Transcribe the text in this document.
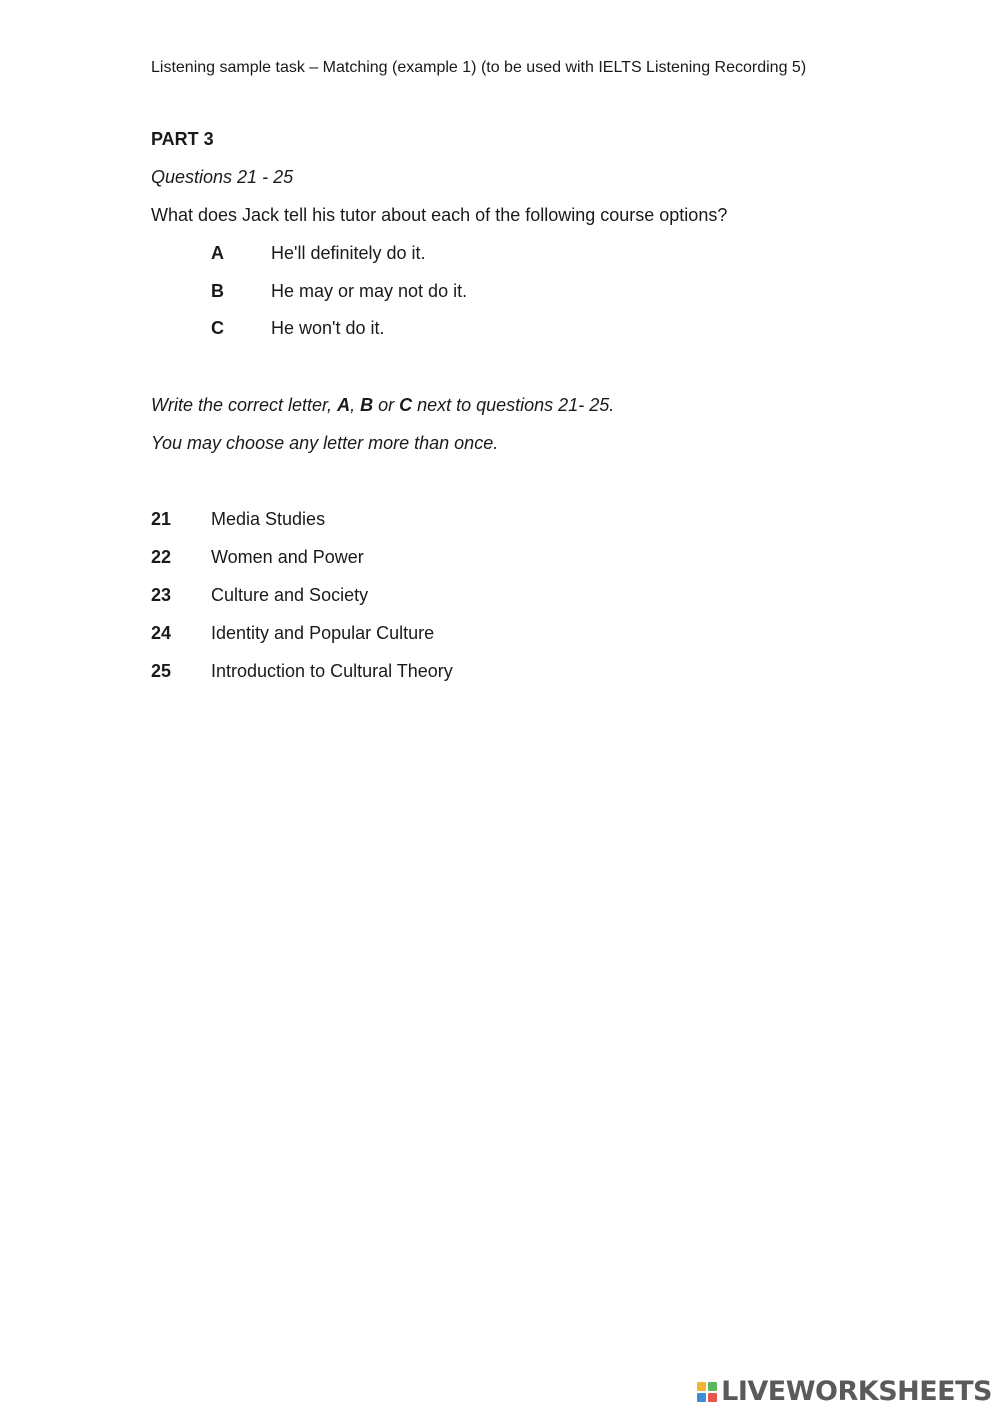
Listening sample task – Matching (example 1) (to be used with IELTS Listening Recording 5)
PART 3
Questions 21 - 25
What does Jack tell his tutor about each of the following course options?
A	He'll definitely do it.
B	He may or may not do it.
C	He won't do it.
Write the correct letter, A, B or C next to questions 21- 25.
You may choose any letter more than once.
21	Media Studies
22	Women and Power
23	Culture and Society
24	Identity and Popular Culture
25	Introduction to Cultural Theory
LIVEWORKSHEETS
